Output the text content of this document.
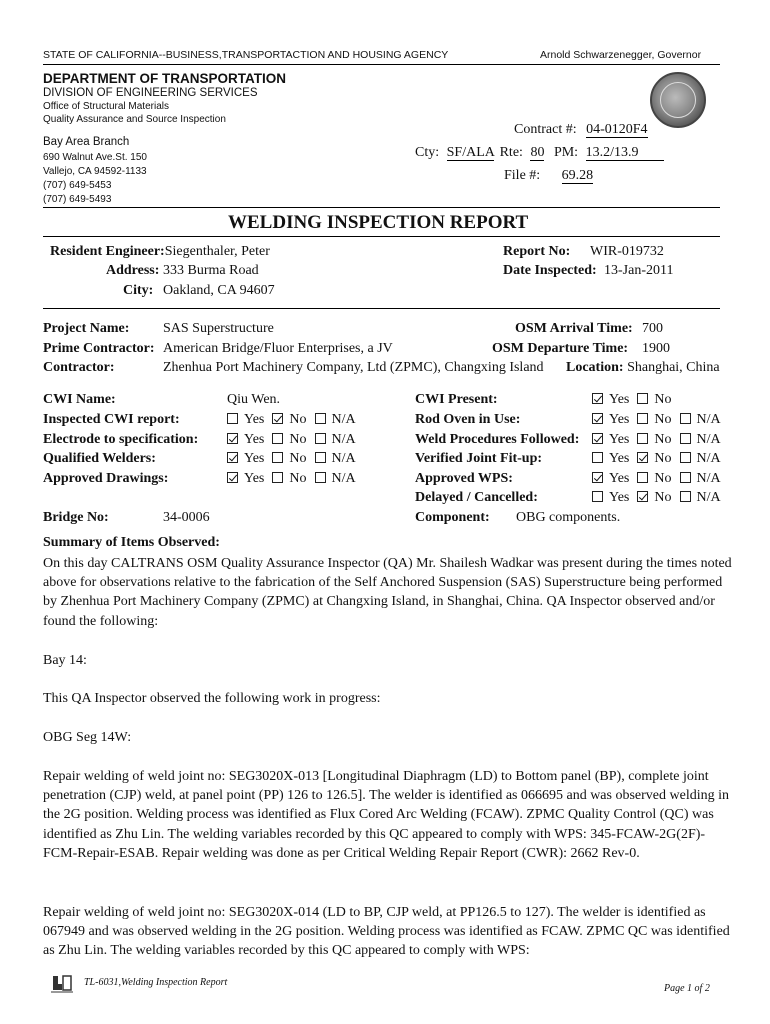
STATE OF CALIFORNIA--BUSINESS,TRANSPORTACTION AND HOUSING AGENCY	Arnold Schwarzenegger, Governor
DEPARTMENT OF TRANSPORTATION
DIVISION OF ENGINEERING SERVICES
Office of Structural Materials
Quality Assurance and Source Inspection
Bay Area Branch
690 Walnut Ave.St. 150
Vallejo, CA 94592-1133
(707) 649-5453
(707) 649-5493
Contract #: 04-0120F4
Cty: SF/ALA Rte: 80 PM: 13.2/13.9
File #: 69.28
WELDING INSPECTION REPORT
Resident Engineer:Siegenthaler, Peter
Address: 333 Burma Road
City: Oakland, CA 94607
Report No: WIR-019732
Date Inspected: 13-Jan-2011
Project Name: SAS Superstructure
Prime Contractor: American Bridge/Fluor Enterprises, a JV
Contractor:	Zhenhua Port Machinery Company, Ltd (ZPMC), Changxing Island
OSM Arrival Time: 700
OSM Departure Time: 1900
Location: Shanghai, China
CWI Name:	Qiu Wen.
Inspected CWI report:	Yes No N/A
Electrode to specification:	Yes No N/A
Qualified Welders:	Yes No N/A
Approved Drawings:	Yes No N/A
CWI Present:	Yes No
Rod Oven in Use:	Yes No N/A
Weld Procedures Followed:	Yes No N/A
Verified Joint Fit-up:	Yes No N/A
Approved WPS:	Yes No N/A
Delayed / Cancelled:	Yes No N/A
Bridge No:	34-0006	Component: OBG components.
Summary of Items Observed:
On this day CALTRANS OSM Quality Assurance Inspector (QA) Mr. Shailesh Wadkar was present during the times noted above for observations relative to the fabrication of the Self Anchored Suspension (SAS) Superstructure being performed by Zhenhua Port Machinery Company (ZPMC) at Changxing Island, in Shanghai, China. QA Inspector observed and/or found the following:
Bay 14:
This QA Inspector observed the following work in progress:
OBG Seg 14W:
Repair welding of weld joint no: SEG3020X-013 [Longitudinal Diaphragm (LD) to Bottom panel (BP), complete joint penetration (CJP) weld, at panel point (PP) 126 to 126.5]. The welder is identified as 066695 and was observed welding in the 2G position. Welding process was identified as Flux Cored Arc Welding (FCAW). ZPMC Quality Control (QC) was identified as Zhu Lin. The welding variables recorded by this QC appeared to comply with WPS: 345-FCAW-2G(2F)-FCM-Repair-ESAB. Repair welding was done as per Critical Welding Repair Report (CWR): 2662 Rev-0.
Repair welding of weld joint no: SEG3020X-014 (LD to BP, CJP weld, at PP126.5 to 127). The welder is identified as 067949 and was observed welding in the 2G position. Welding process was identified as FCAW. ZPMC QC was identified as Zhu Lin. The welding variables recorded by this QC appeared to comply with WPS:
TL-6031,Welding Inspection Report
Page 1 of 2
